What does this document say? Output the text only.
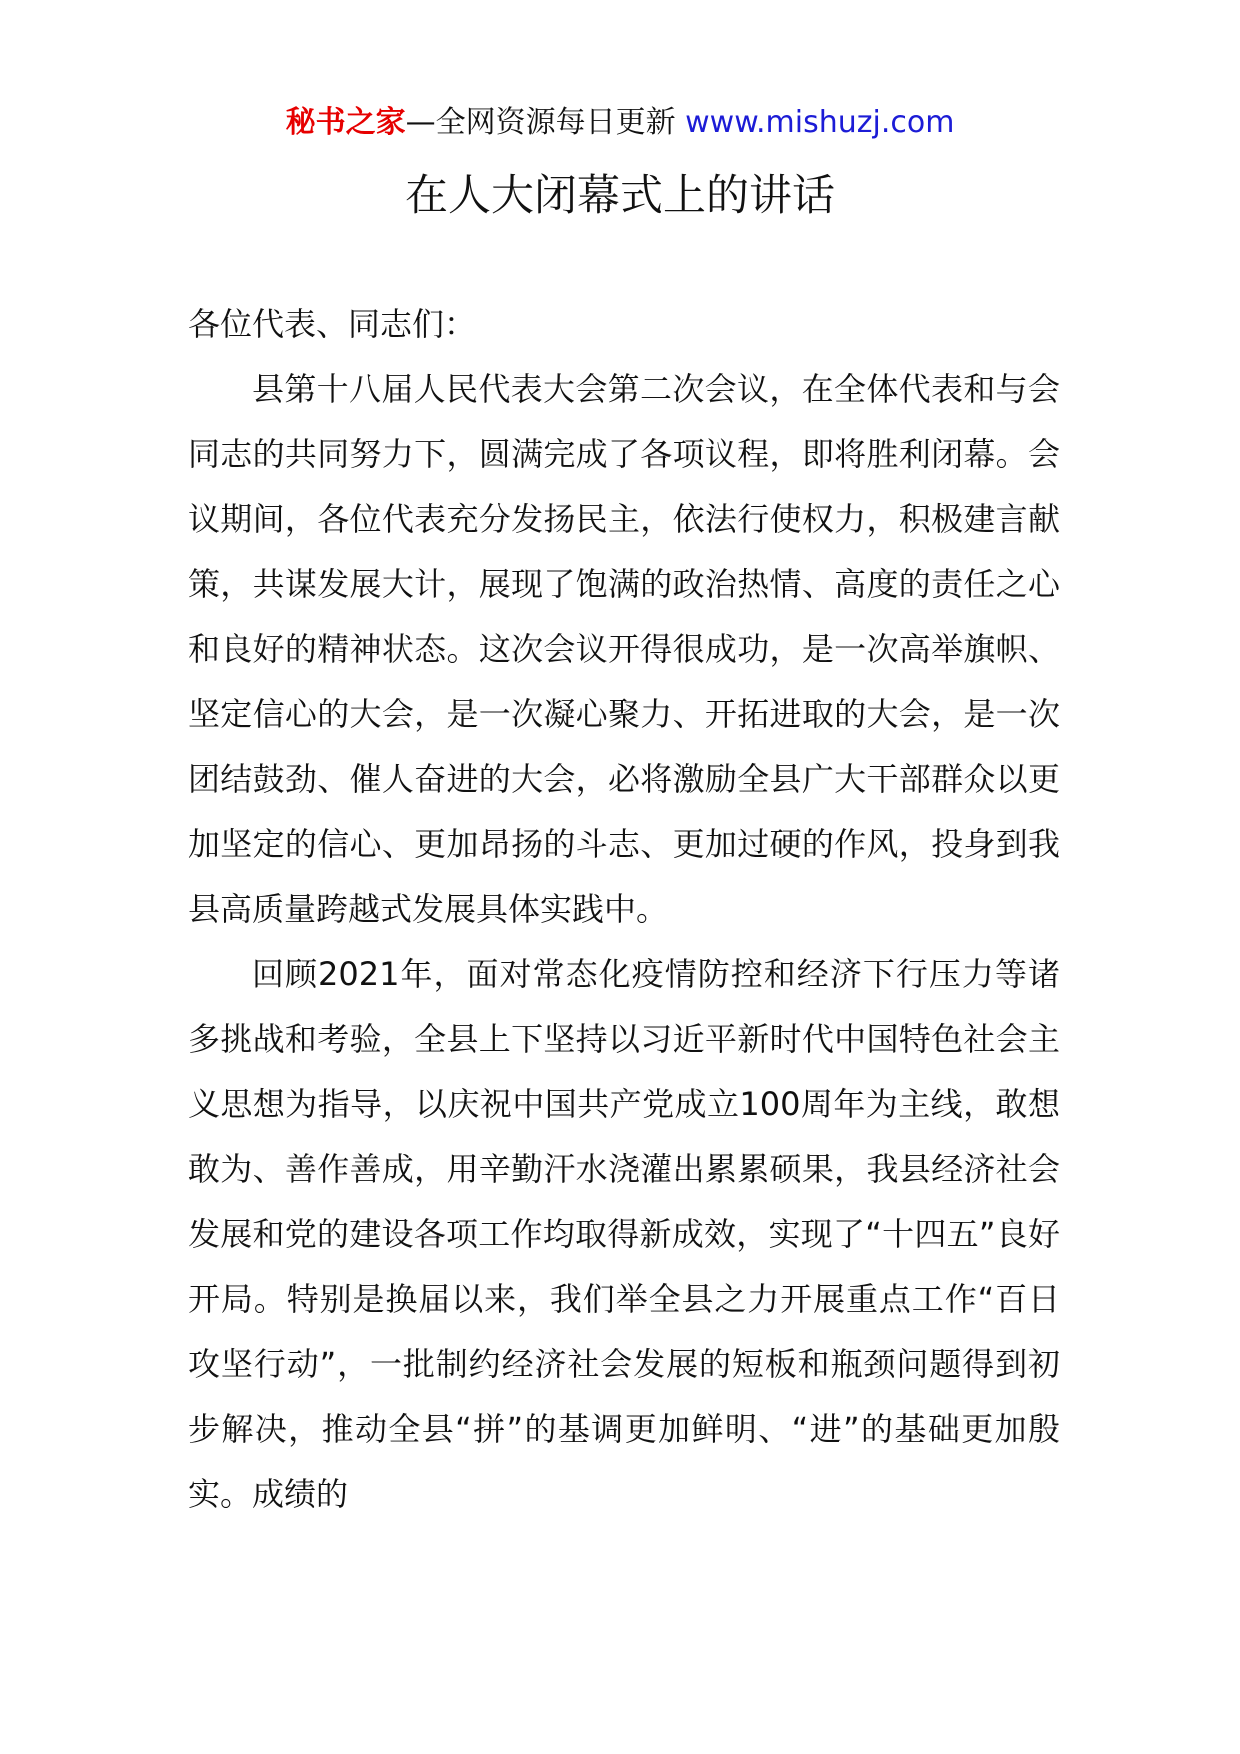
秘书之家—全网资源每日更新 www.mishuzj.com
在人大闭幕式上的讲话

各位代表、同志们：

县第十八届人民代表大会第二次会议，在全体代表和与会同志的共同努力下，圆满完成了各项议程，即将胜利闭幕。会议期间，各位代表充分发扬民主，依法行使权力，积极建言献策，共谋发展大计，展现了饱满的政治热情、高度的责任之心和良好的精神状态。这次会议开得很成功，是一次高举旗帜、坚定信心的大会，是一次凝心聚力、开拓进取的大会，是一次团结鼓劲、催人奋进的大会，必将激励全县广大干部群众以更加坚定的信心、更加昂扬的斗志、更加过硬的作风，投身到我县高质量跨越式发展具体实践中。

回顾2021年，面对常态化疫情防控和经济下行压力等诸多挑战和考验，全县上下坚持以习近平新时代中国特色社会主义思想为指导，以庆祝中国共产党成立100周年为主线，敢想敢为、善作善成，用辛勤汗水浇灌出累累硕果，我县经济社会发展和党的建设各项工作均取得新成效，实现了“十四五”良好开局。特别是换届以来，我们举全县之力开展重点工作“百日攻坚行动”，一批制约经济社会发展的短板和瓶颈问题得到初步解决，推动全县“拼”的基调更加鲜明、“进”的基础更加殷实。成绩的
